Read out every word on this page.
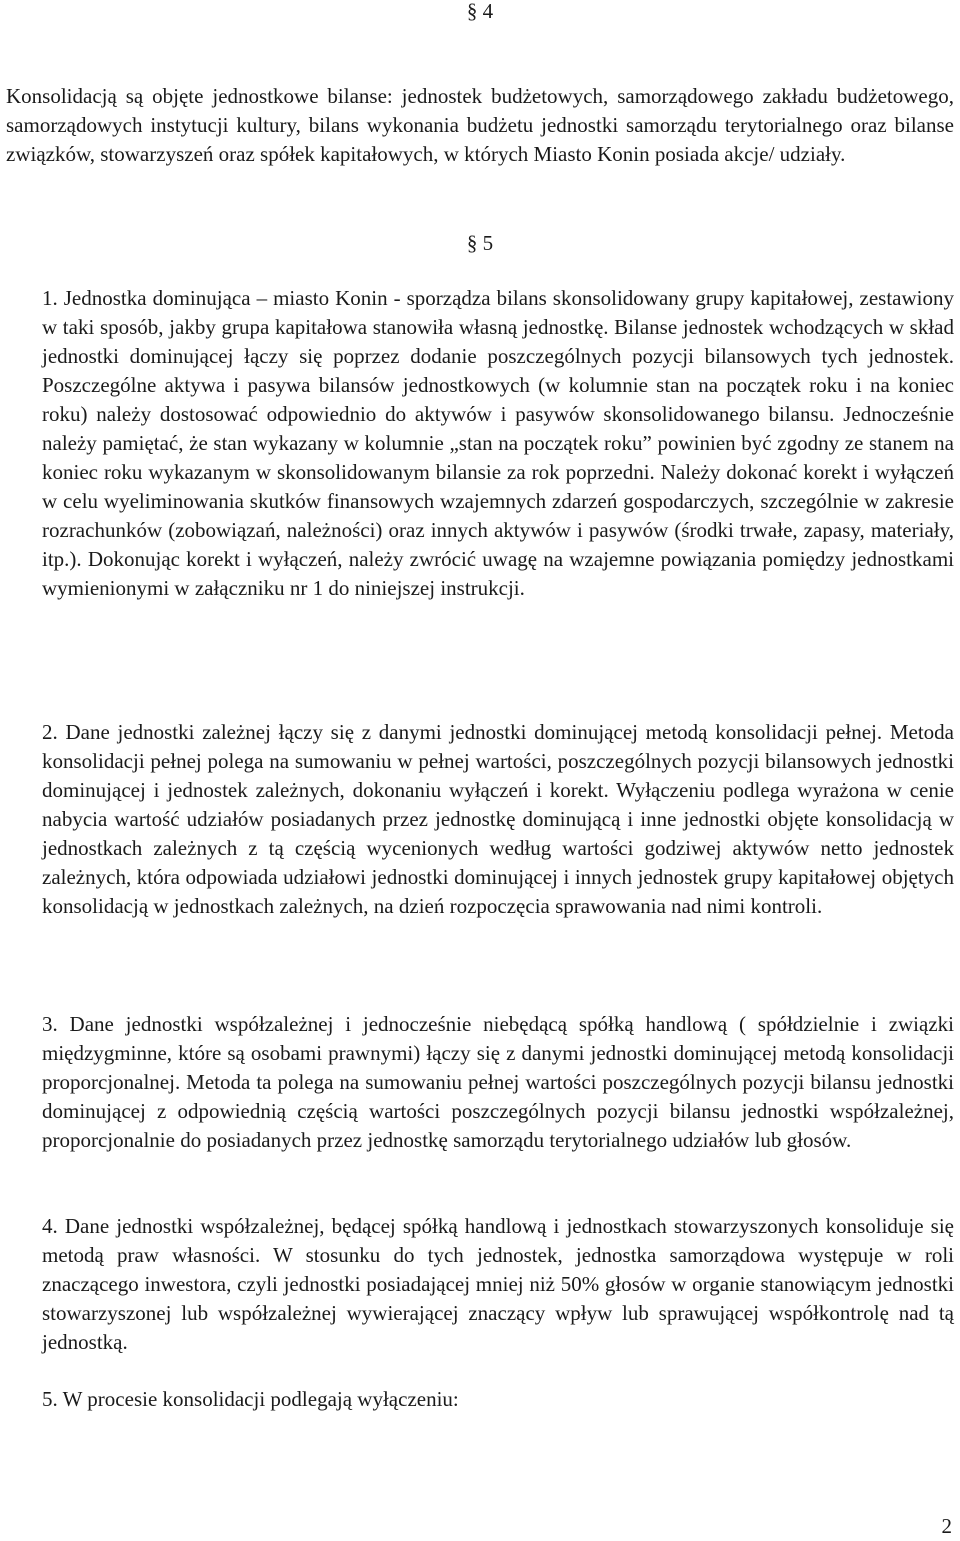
§ 4

Konsolidacją są objęte jednostkowe bilanse: jednostek budżetowych, samorządowego zakładu budżetowego, samorządowych instytucji kultury, bilans wykonania budżetu jednostki samorządu terytorialnego oraz bilanse związków, stowarzyszeń oraz spółek kapitałowych, w których Miasto Konin posiada akcje/ udziały.

§ 5

1. Jednostka dominująca – miasto Konin - sporządza bilans skonsolidowany grupy kapitałowej, zestawiony w taki sposób, jakby grupa kapitałowa stanowiła własną jednostkę. Bilanse jednostek wchodzących w skład jednostki dominującej łączy się poprzez dodanie poszczególnych pozycji bilansowych tych jednostek. Poszczególne aktywa i pasywa bilansów jednostkowych (w kolumnie stan na początek roku i na koniec roku) należy dostosować odpowiednio do aktywów i pasywów skonsolidowanego bilansu. Jednocześnie należy pamiętać, że stan wykazany w kolumnie „stan na początek roku” powinien być zgodny ze stanem na koniec roku wykazanym w skonsolidowanym bilansie za rok poprzedni. Należy dokonać korekt i wyłączeń w celu wyeliminowania skutków finansowych wzajemnych zdarzeń gospodarczych, szczególnie w zakresie rozrachunków (zobowiązań, należności) oraz innych aktywów i pasywów (środki trwałe, zapasy, materiały, itp.). Dokonując korekt i wyłączeń, należy zwrócić uwagę na wzajemne powiązania pomiędzy jednostkami wymienionymi w załączniku nr 1 do niniejszej instrukcji.

2. Dane jednostki zależnej łączy się z danymi jednostki dominującej metodą konsolidacji pełnej. Metoda konsolidacji pełnej polega na sumowaniu w pełnej wartości, poszczególnych pozycji bilansowych jednostki dominującej i jednostek zależnych, dokonaniu wyłączeń i korekt. Wyłączeniu podlega wyrażona w cenie nabycia wartość udziałów posiadanych przez jednostkę dominującą i inne jednostki objęte konsolidacją w jednostkach zależnych z tą częścią wycenionych według wartości godziwej aktywów netto jednostek zależnych, która odpowiada udziałowi jednostki dominującej i innych jednostek grupy kapitałowej objętych konsolidacją w jednostkach zależnych, na dzień rozpoczęcia sprawowania nad nimi kontroli.

3. Dane jednostki współzależnej i jednocześnie niebędącą spółką handlową ( spółdzielnie i związki międzygminne, które są osobami prawnymi) łączy się z danymi jednostki dominującej metodą konsolidacji proporcjonalnej. Metoda ta polega na sumowaniu pełnej wartości poszczególnych pozycji bilansu jednostki dominującej z odpowiednią częścią wartości poszczególnych pozycji bilansu jednostki współzależnej, proporcjonalnie do posiadanych przez jednostkę samorządu terytorialnego udziałów lub głosów.

4. Dane jednostki współzależnej, będącej spółką handlową i jednostkach stowarzyszonych konsoliduje się metodą praw własności. W stosunku do tych jednostek, jednostka samorządowa występuje w roli znaczącego inwestora, czyli jednostki posiadającej mniej niż 50% głosów w organie stanowiącym jednostki stowarzyszonej lub współzależnej wywierającej znaczący wpływ lub sprawującej współkontrolę nad tą jednostką.

5. W procesie konsolidacji podlegają wyłączeniu:

2
